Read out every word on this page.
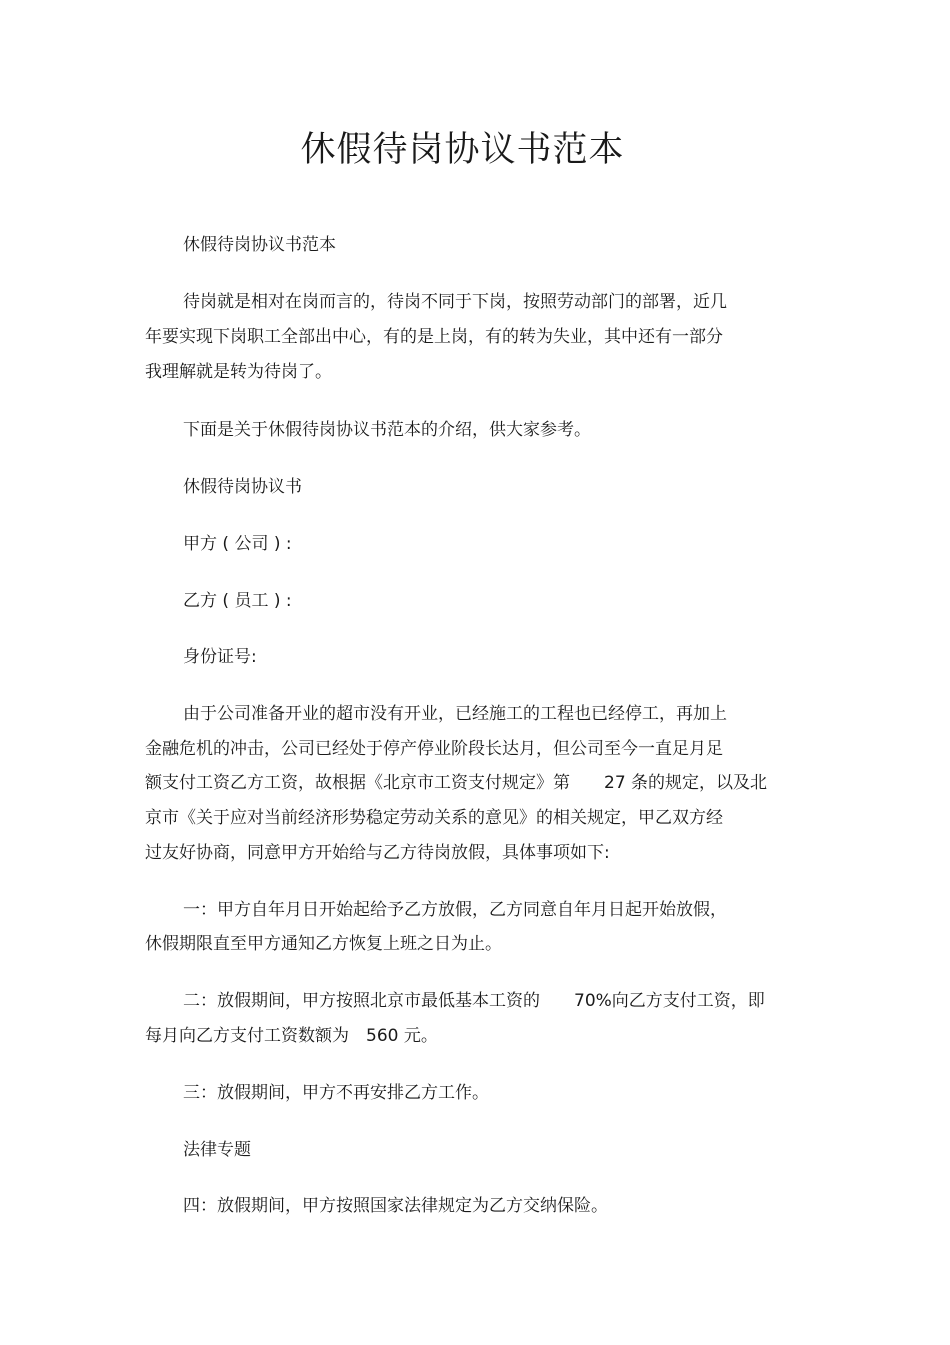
休假待岗协议书范本

休假待岗协议书范本

待岗就是相对在岗而言的，待岗不同于下岗，按照劳动部门的部署，近几

年要实现下岗职工全部出中心，有的是上岗，有的转为失业，其中还有一部分

我理解就是转为待岗了。

下面是关于休假待岗协议书范本的介绍，供大家参考。

休假待岗协议书

甲方 ( 公司 ) :

乙方 ( 员工 ) :

身份证号:

由于公司准备开业的超市没有开业，已经施工的工程也已经停工，再加上

金融危机的冲击，公司已经处于停产停业阶段长达月，但公司至今一直足月足

额支付工资乙方工资，故根据《北京市工资支付规定》第　　27 条的规定，以及北

京市《关于应对当前经济形势稳定劳动关系的意见》的相关规定，甲乙双方经

过友好协商，同意甲方开始给与乙方待岗放假，具体事项如下:

一：甲方自年月日开始起给予乙方放假，乙方同意自年月日起开始放假，

休假期限直至甲方通知乙方恢复上班之日为止。

二：放假期间，甲方按照北京市最低基本工资的　　70%向乙方支付工资，即

每月向乙方支付工资数额为　560 元。

三：放假期间，甲方不再安排乙方工作。

法律专题

四：放假期间，甲方按照国家法律规定为乙方交纳保险。
